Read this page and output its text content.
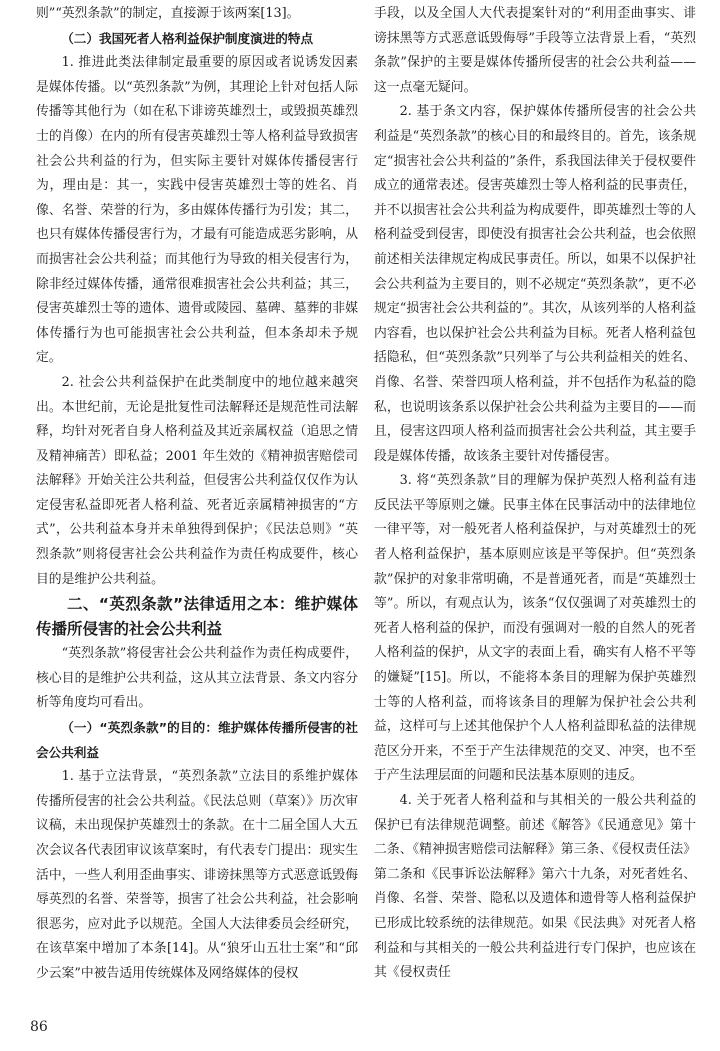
则”“英烈条款”的制定，直接源于该两案[13]。

（二）我国死者人格利益保护制度演进的特点

1. 推进此类法律制定最重要的原因或者说诱发因素是媒体传播。以“英烈条款”为例，其理论上针对包括人际传播等其他行为（如在私下诽谤英雄烈士，或毁损英雄烈士的肖像）在内的所有侵害英雄烈士等人格利益导致损害社会公共利益的行为，但实际主要针对媒体传播侵害行为，理由是：其一，实践中侵害英雄烈士等的姓名、肖像、名誉、荣誉的行为，多由媒体传播行为引发；其二，也只有媒体传播侵害行为，才最有可能造成恶劣影响，从而损害社会公共利益；而其他行为导致的相关侵害行为，除非经过媒体传播，通常很难损害社会公共利益；其三，侵害英雄烈士等的遗体、遗骨或陵园、墓碑、墓葬的非媒体传播行为也可能损害社会公共利益，但本条却未予规定。

2. 社会公共利益保护在此类制度中的地位越来越突出。本世纪前，无论是批复性司法解释还是规范性司法解释，均针对死者自身人格利益及其近亲属权益（追思之情及精神痛苦）即私益；2001 年生效的《精神损害赔偿司法解释》开始关注公共利益，但侵害公共利益仅仅作为认定侵害私益即死者人格利益、死者近亲属精神损害的“方式”，公共利益本身并未单独得到保护；《民法总则》“英烈条款”则将侵害社会公共利益作为责任构成要件，核心目的是维护公共利益。

二、“英烈条款”法律适用之本：维护媒体传播所侵害的社会公共利益

“英烈条款”将侵害社会公共利益作为责任构成要件，核心目的是维护公共利益，这从其立法背景、条文内容分析等角度均可看出。

（一）“英烈条款”的目的：维护媒体传播所侵害的社会公共利益

1. 基于立法背景，“英烈条款”立法目的系维护媒体传播所侵害的社会公共利益。《民法总则（草案）》历次审议稿，未出现保护英雄烈士的条款。在十二届全国人大五次会议各代表团审议该草案时，有代表专门提出：现实生活中，一些人利用歪曲事实、诽谤抹黑等方式恶意诋毁侮辱英烈的名誉、荣誉等，损害了社会公共利益，社会影响很恶劣，应对此予以规范。全国人大法律委员会经研究，在该草案中增加了本条[14]。从“狼牙山五壮士案”和“邱少云案”中被告适用传统媒体及网络媒体的侵权

手段，以及全国人大代表提案针对的“利用歪曲事实、诽谤抹黑等方式恶意诋毁侮辱”手段等立法背景上看，“英烈条款”保护的主要是媒体传播所侵害的社会公共利益——这一点毫无疑问。

2. 基于条文内容，保护媒体传播所侵害的社会公共利益是“英烈条款”的核心目的和最终目的。首先，该条规定“损害社会公共利益的”条件，系我国法律关于侵权要件成立的通常表述。侵害英雄烈士等人格利益的民事责任，并不以损害社会公共利益为构成要件，即英雄烈士等的人格利益受到侵害，即使没有损害社会公共利益，也会依照前述相关法律规定构成民事责任。所以，如果不以保护社会公共利益为主要目的，则不必规定“英烈条款”，更不必规定“损害社会公共利益的”。其次，从该列举的人格利益内容看，也以保护社会公共利益为目标。死者人格利益包括隐私，但“英烈条款”只列举了与公共利益相关的姓名、肖像、名誉、荣誉四项人格利益，并不包括作为私益的隐私，也说明该条系以保护社会公共利益为主要目的——而且，侵害这四项人格利益而损害社会公共利益，其主要手段是媒体传播，故该条主要针对传播侵害。

3. 将“英烈条款”目的理解为保护英烈人格利益有违反民法平等原则之嫌。民事主体在民事活动中的法律地位一律平等，对一般死者人格利益保护，与对英雄烈士的死者人格利益保护，基本原则应该是平等保护。但“英烈条款”保护的对象非常明确，不是普通死者，而是“英雄烈士等”。所以，有观点认为，该条“仅仅强调了对英雄烈士的死者人格利益的保护，而没有强调对一般的自然人的死者人格利益的保护，从文字的表面上看，确实有人格不平等的嫌疑”[15]。所以，不能将本条目的理解为保护英雄烈士等的人格利益，而将该条目的理解为保护社会公共利益，这样可与上述其他保护个人人格利益即私益的法律规范区分开来，不至于产生法律规范的交叉、冲突，也不至于产生法理层面的问题和民法基本原则的违反。

4. 关于死者人格利益和与其相关的一般公共利益的保护已有法律规范调整。前述《解答》《民通意见》第十二条、《精神损害赔偿司法解释》第三条、《侵权责任法》第二条和《民事诉讼法解释》第六十九条，对死者姓名、肖像、名誉、荣誉、隐私以及遗体和遗骨等人格利益保护已形成比较系统的法律规范。如果《民法典》对死者人格利益和与其相关的一般公共利益进行专门保护，也应该在其《侵权责任

86
